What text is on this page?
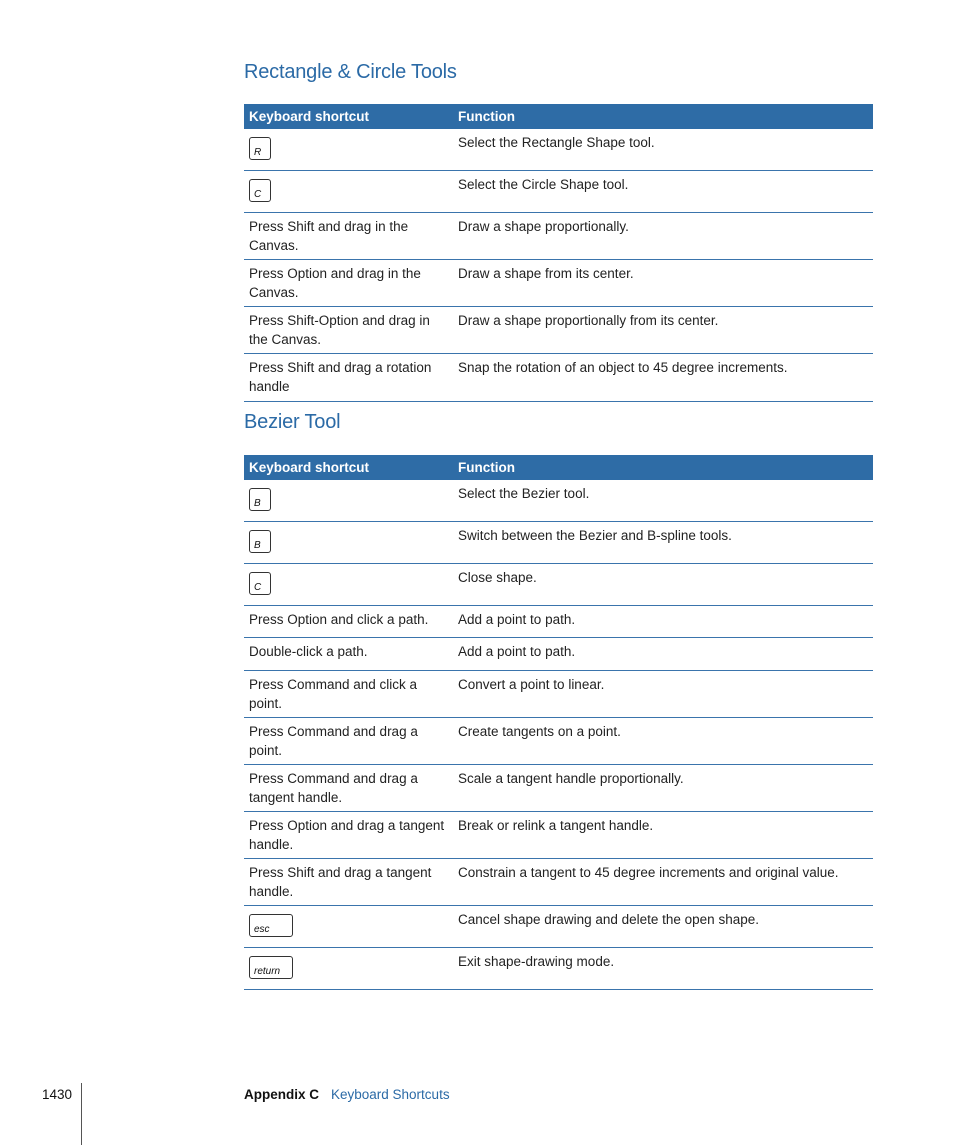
Rectangle & Circle Tools
Keyboard shortcut	Function
R	Select the Rectangle Shape tool.
C	Select the Circle Shape tool.
Press Shift and drag in the Canvas.	Draw a shape proportionally.
Press Option and drag in the Canvas.	Draw a shape from its center.
Press Shift-Option and drag in the Canvas.	Draw a shape proportionally from its center.
Press Shift and drag a rotation handle	Snap the rotation of an object to 45 degree increments.
Bezier Tool
Keyboard shortcut	Function
B	Select the Bezier tool.
B	Switch between the Bezier and B-spline tools.
C	Close shape.
Press Option and click a path.	Add a point to path.
Double-click a path.	Add a point to path.
Press Command and click a point.	Convert a point to linear.
Press Command and drag a point.	Create tangents on a point.
Press Command and drag a tangent handle.	Scale a tangent handle proportionally.
Press Option and drag a tangent handle.	Break or relink a tangent handle.
Press Shift and drag a tangent handle.	Constrain a tangent to 45 degree increments and original value.
esc	Cancel shape drawing and delete the open shape.
return	Exit shape-drawing mode.
1430	Appendix C Keyboard Shortcuts
